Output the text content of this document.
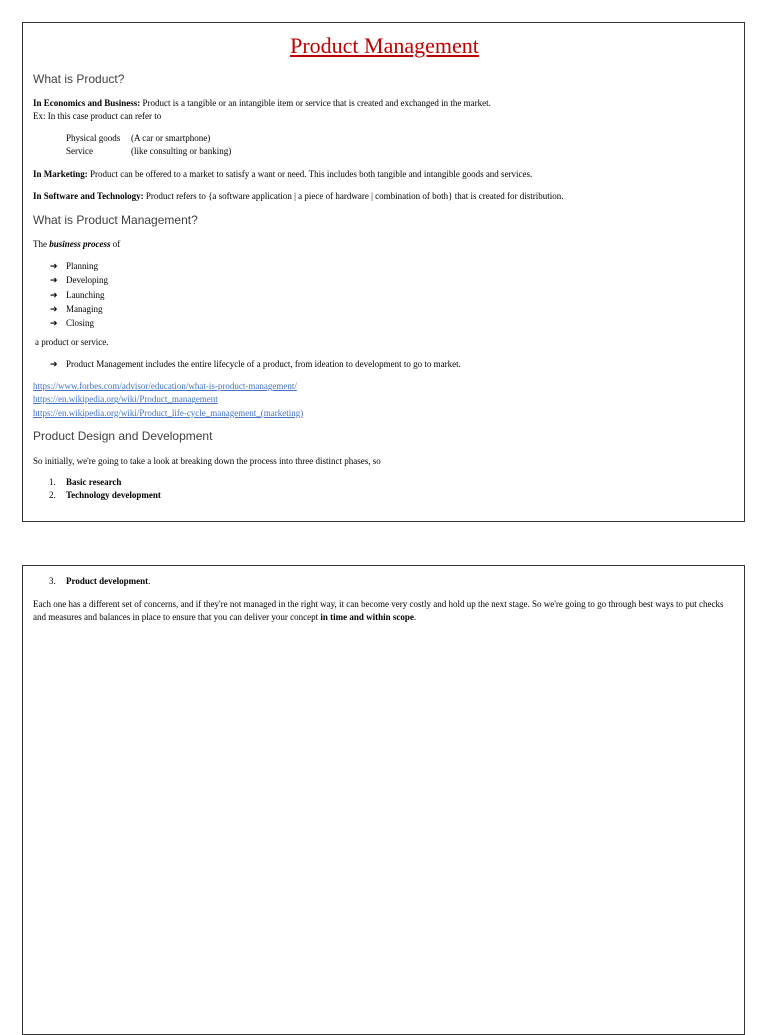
Product Management
What is Product?
In Economics and Business: Product is a tangible or an intangible item or service that is created and exchanged in the market.
Ex: In this case product can refer to
Physical goods (A car or smartphone)
Service	(like consulting or banking)
In Marketing: Product can be offered to a market to satisfy a want or need. This includes both tangible and intangible goods and services.
In Software and Technology: Product refers to {a software application | a piece of hardware | combination of both} that is created for distribution.
What is Product Management?
The business process of
➔ Planning
➔ Developing
➔ Launching
➔ Managing
➔ Closing
a product or service.
➔ Product Management includes the entire lifecycle of a product, from ideation to development to go to market.
https://www.forbes.com/advisor/education/what-is-product-management/
https://en.wikipedia.org/wiki/Product_management
https://en.wikipedia.org/wiki/Product_life-cycle_management_(marketing)
Product Design and Development
So initially, we're going to take a look at breaking down the process into three distinct phases, so
1. Basic research
2. Technology development
3. Product development.
Each one has a different set of concerns, and if they're not managed in the right way, it can become very costly and hold up the next stage. So we're going to go through best ways to put checks and measures and balances in place to ensure that you can deliver your concept in time and within scope.
